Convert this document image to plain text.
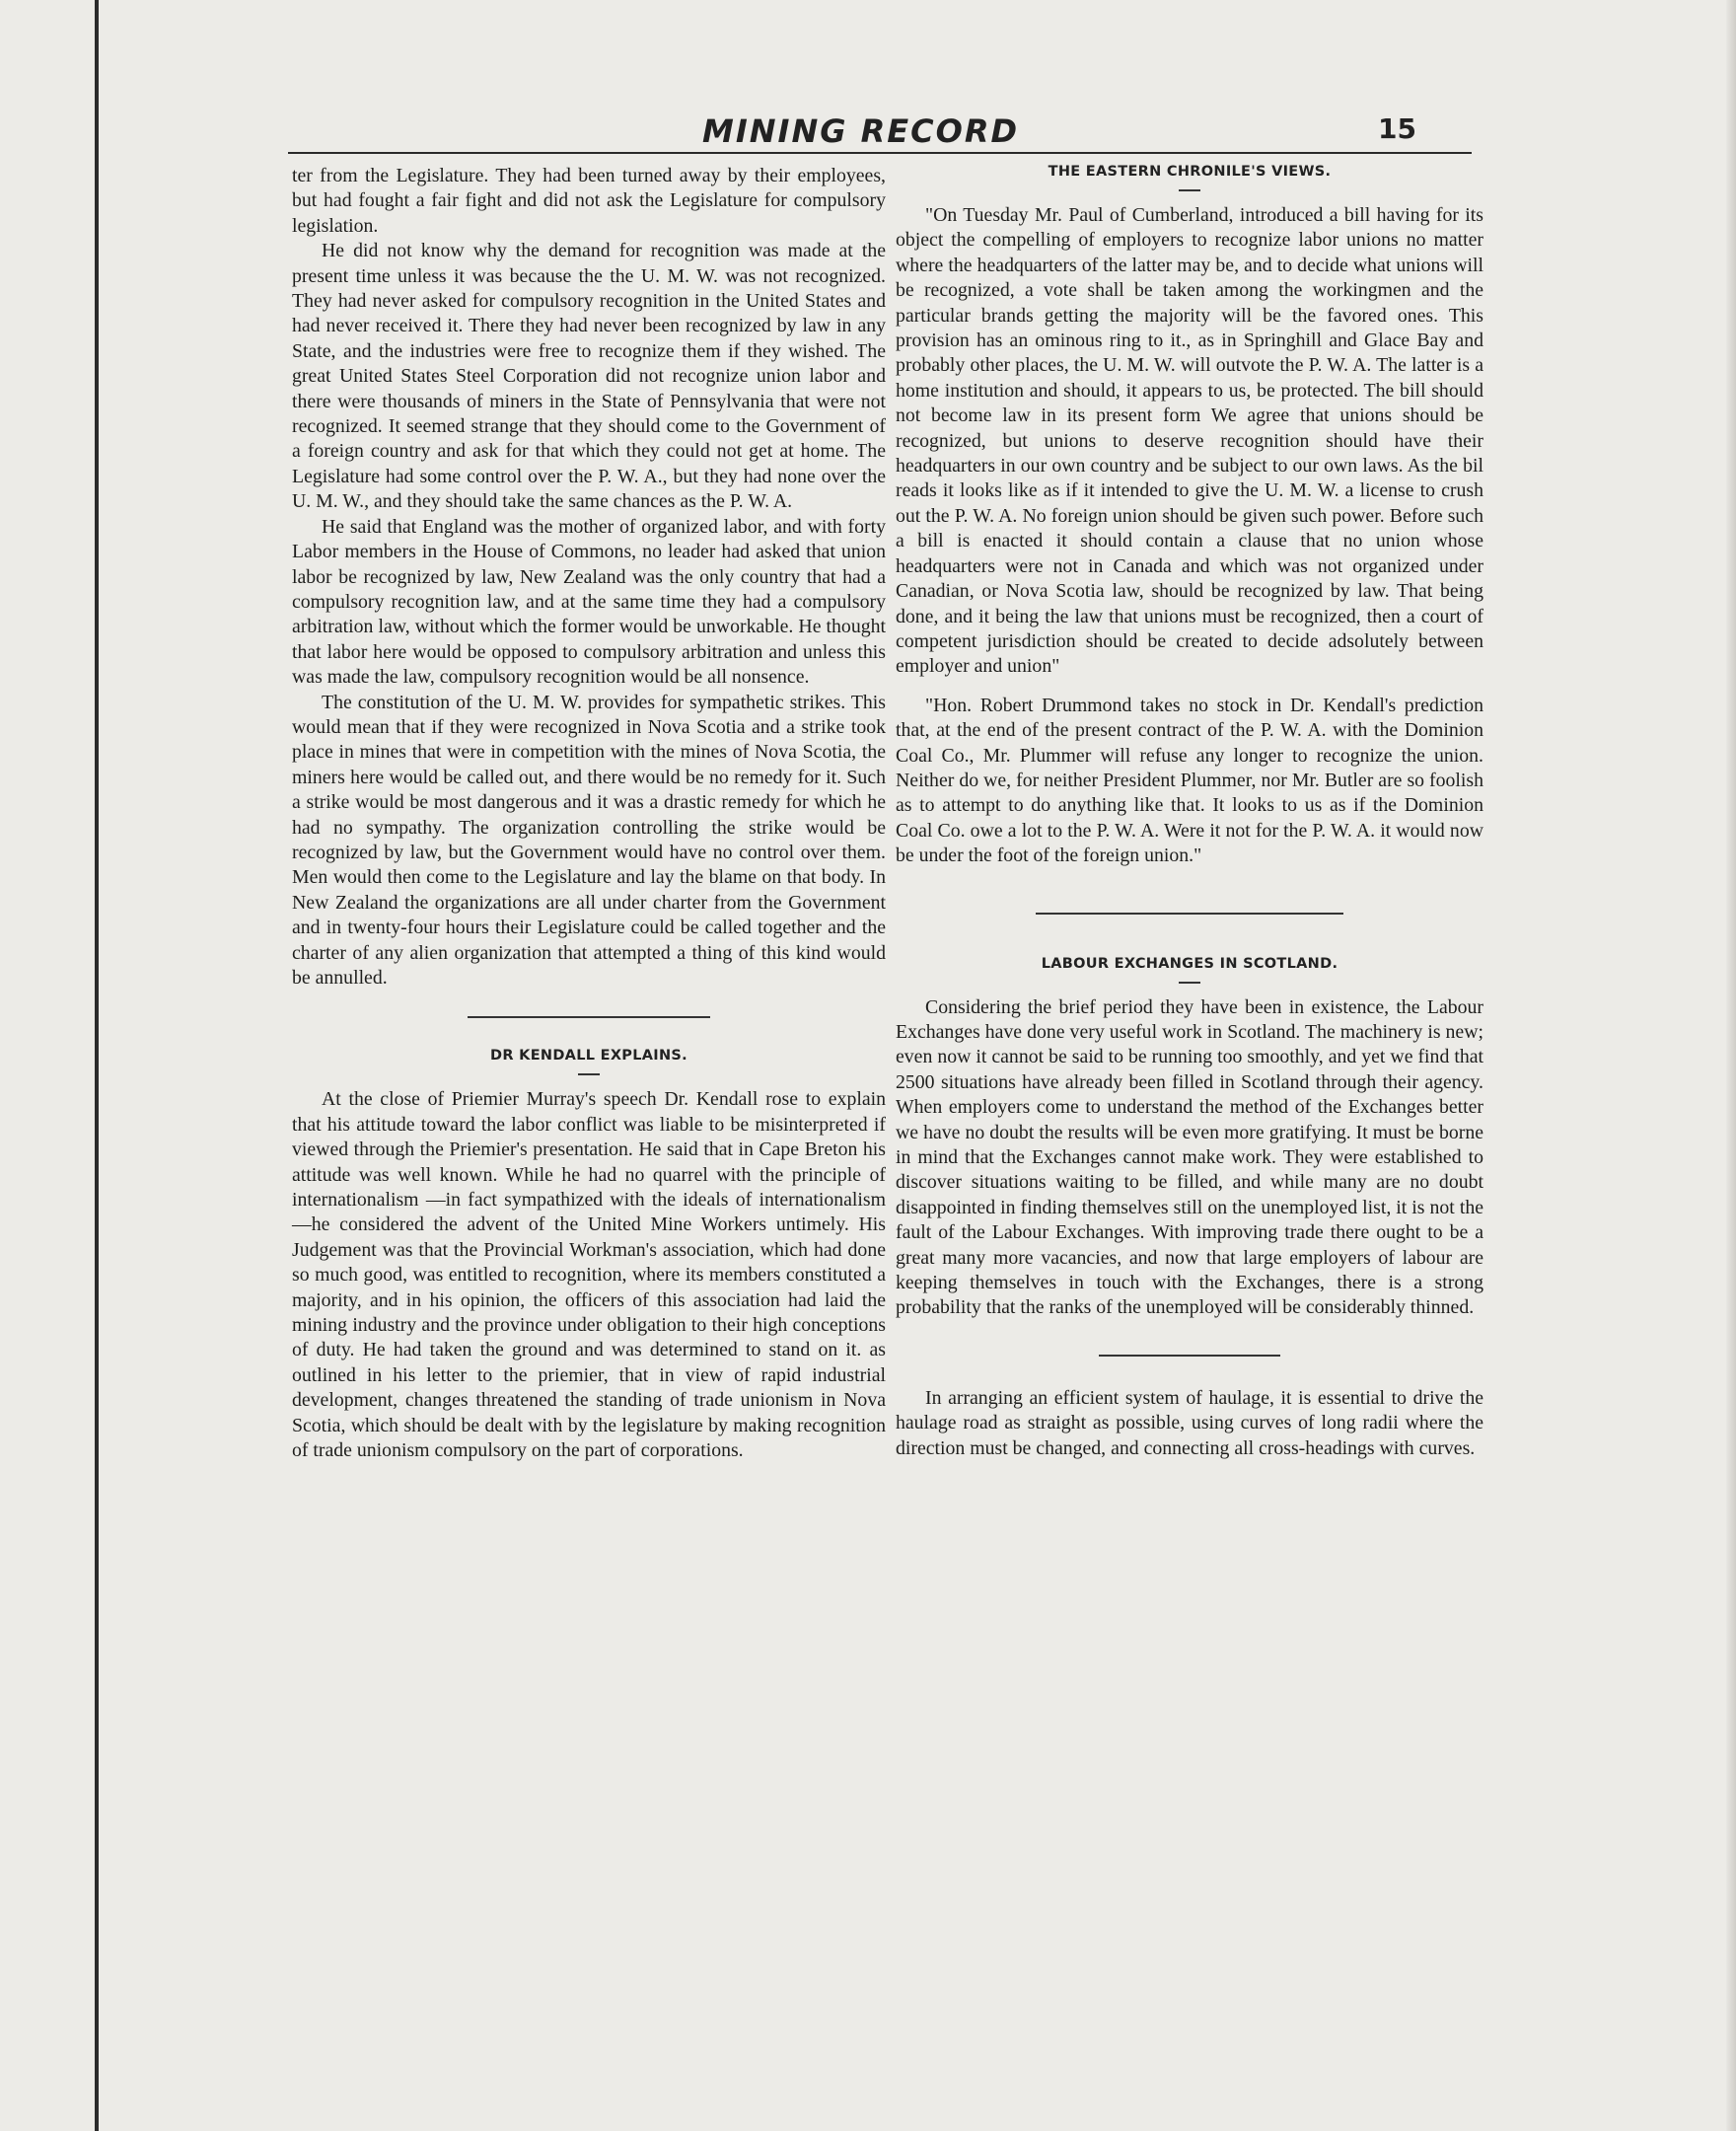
MINING RECORD	15

ter from the Legislature. They had been turned away by their employees, but had fought a fair fight and did not ask the Legislature for compulsory legislation.

He did not know why the demand for recognition was made at the present time unless it was because the the U. M. W. was not recognized. They had never asked for compulsory recognition in the United States and had never received it. There they had never been recognized by law in any State, and the industries were free to recognize them if they wished. The great United States Steel Corporation did not recognize union labor and there were thousands of miners in the State of Pennsylvania that were not recognized. It seemed strange that they should come to the Government of a foreign country and ask for that which they could not get at home. The Legislature had some control over the P. W. A., but they had none over the U. M. W., and they should take the same chances as the P. W. A.

He said that England was the mother of organized labor, and with forty Labor members in the House of Commons, no leader had asked that union labor be recognized by law, New Zealand was the only country that had a compulsory recognition law, and at the same time they had a compulsory arbitration law, without which the former would be unworkable. He thought that labor here would be opposed to compulsory arbitration and unless this was made the law, compulsory recognition would be all nonsence.

The constitution of the U. M. W. provides for sympathetic strikes. This would mean that if they were recognized in Nova Scotia and a strike took place in mines that were in competition with the mines of Nova Scotia, the miners here would be called out, and there would be no remedy for it. Such a strike would be most dangerous and it was a drastic remedy for which he had no sympathy. The organization controlling the strike would be recognized by law, but the Government would have no control over them. Men would then come to the Legislature and lay the blame on that body. In New Zealand the organizations are all under charter from the Government and in twenty-four hours their Legislature could be called together and the charter of any alien organization that attempted a thing of this kind would be annulled.

DR KENDALL EXPLAINS.

At the close of Priemier Murray's speech Dr. Kendall rose to explain that his attitude toward the labor conflict was liable to be misinterpreted if viewed through the Priemier's presentation. He said that in Cape Breton his attitude was well known. While he had no quarrel with the principle of internationalism —in fact sympathized with the ideals of internationalism—he considered the advent of the United Mine Workers untimely. His Judgement was that the Provincial Workman's association, which had done so much good, was entitled to recognition, where its members constituted a majority, and in his opinion, the officers of this association had laid the mining industry and the province under obligation to their high conceptions of duty. He had taken the ground and was determined to stand on it. as outlined in his letter to the priemier, that in view of rapid industrial development, changes threatened the standing of trade unionism in Nova Scotia, which should be dealt with by the legislature by making recognition of trade unionism compulsory on the part of corporations.

THE EASTERN CHRONILE'S VIEWS.

"On Tuesday Mr. Paul of Cumberland, introduced a bill having for its object the compelling of employers to recognize labor unions no matter where the headquarters of the latter may be, and to decide what unions will be recognized, a vote shall be taken among the workingmen and the particular brands getting the majority will be the favored ones. This provision has an ominous ring to it., as in Springhill and Glace Bay and probably other places, the U. M. W. will outvote the P. W. A. The latter is a home institution and should, it appears to us, be protected. The bill should not become law in its present form We agree that unions should be recognized, but unions to deserve recognition should have their headquarters in our own country and be subject to our own laws. As the bil reads it looks like as if it intended to give the U. M. W. a license to crush out the P. W. A. No foreign union should be given such power. Before such a bill is enacted it should contain a clause that no union whose headquarters were not in Canada and which was not organized under Canadian, or Nova Scotia law, should be recognized by law. That being done, and it being the law that unions must be recognized, then a court of competent jurisdiction should be created to decide adsolutely between employer and union"

"Hon. Robert Drummond takes no stock in Dr. Kendall's prediction that, at the end of the present contract of the P. W. A. with the Dominion Coal Co., Mr. Plummer will refuse any longer to recognize the union. Neither do we, for neither President Plummer, nor Mr. Butler are so foolish as to attempt to do anything like that. It looks to us as if the Dominion Coal Co. owe a lot to the P. W. A. Were it not for the P. W. A. it would now be under the foot of the foreign union."

LABOUR EXCHANGES IN SCOTLAND.

Considering the brief period they have been in existence, the Labour Exchanges have done very useful work in Scotland. The machinery is new; even now it cannot be said to be running too smoothly, and yet we find that 2500 situations have already been filled in Scotland through their agency. When employers come to understand the method of the Exchanges better we have no doubt the results will be even more gratifying. It must be borne in mind that the Exchanges cannot make work. They were established to discover situations waiting to be filled, and while many are no doubt disappointed in finding themselves still on the unemployed list, it is not the fault of the Labour Exchanges. With improving trade there ought to be a great many more vacancies, and now that large employers of labour are keeping themselves in touch with the Exchanges, there is a strong probability that the ranks of the unemployed will be considerably thinned.

In arranging an efficient system of haulage, it is essential to drive the haulage road as straight as possible, using curves of long radii where the direction must be changed, and connecting all cross-headings with curves.
